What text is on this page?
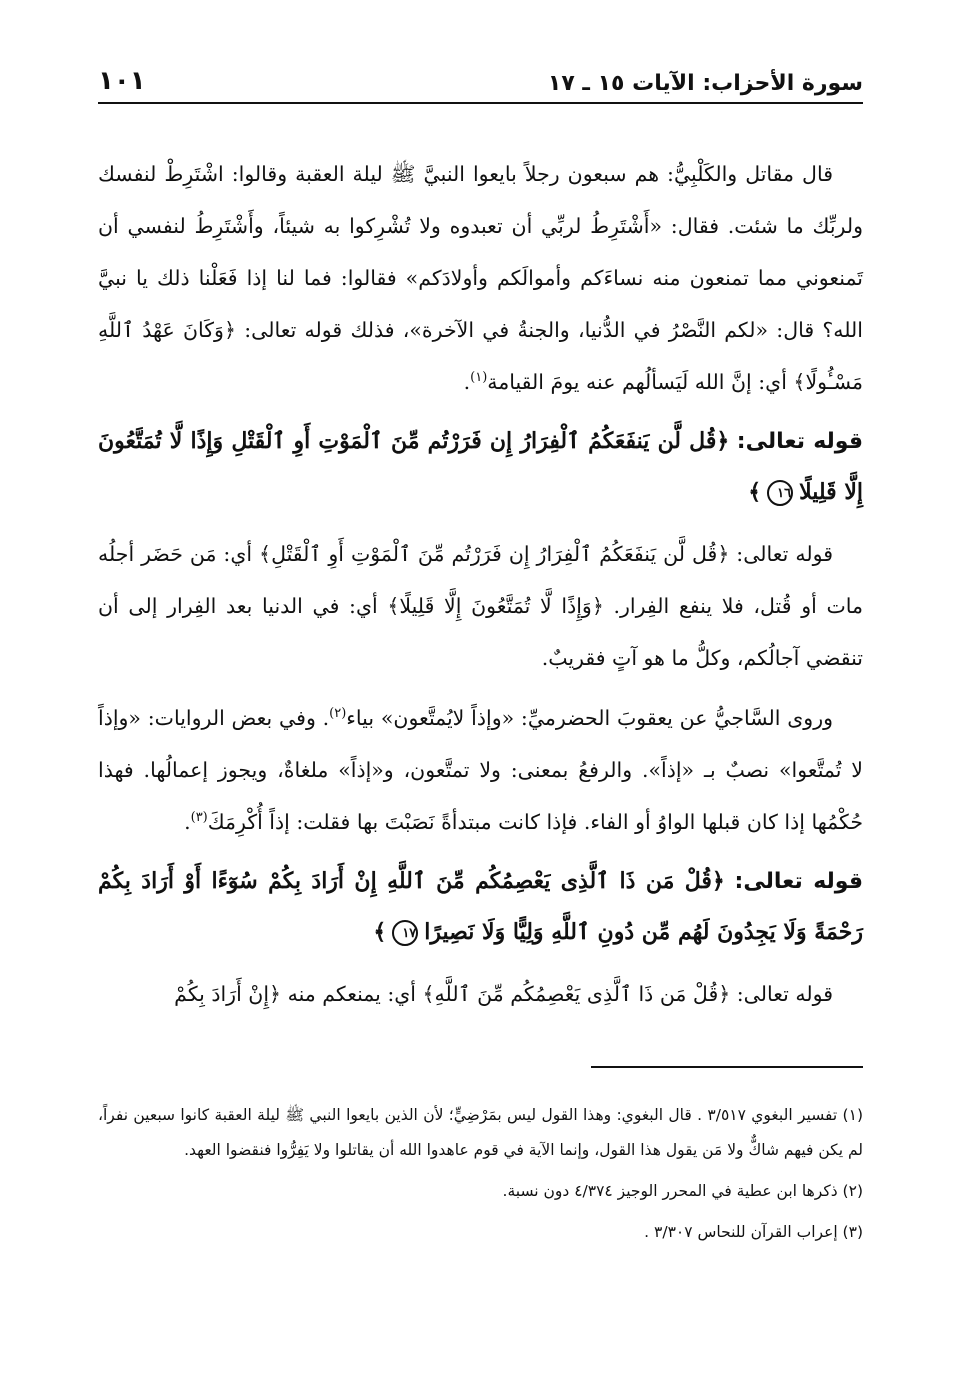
سورة الأحزاب: الآيات ١٥ ـ ١٧
١٠١

قال مقاتل والكَلْبِيُّ: هم سبعون رجلاً بايعوا النبيَّ ﷺ ليلة العقبة وقالوا: اشْتَرِطْ لنفسك ولربِّك ما شئت. فقال: «أَشْتَرِطُ لربِّي أن تعبدوه ولا تُشْرِكوا به شيئاً، وأَشْتَرِطُ لنفسي أن تَمنعوني مما تمنعون منه نساءَكم وأموالَكم وأولادَكم» فقالوا: فما لنا إذا فَعَلْنا ذلك يا نبيَّ الله؟ قال: «لكم النَّصْرُ في الدُّنيا، والجنةُ في الآخرة»، فذلك قوله تعالى: ﴿وَكَانَ عَهْدُ ٱللَّهِ مَسْـُٔولًا﴾ أي: إنَّ الله لَيَسألُهم عنه يومَ القيامة$^{(١)}$.

قوله تعالى: ﴿قُل لَّن يَنفَعَكُمُ ٱلْفِرَارُ إِن فَرَرْتُم مِّنَ ٱلْمَوْتِ أَوِ ٱلْقَتْلِ وَإِذًا لَّا تُمَتَّعُونَ إِلَّا قَلِيلًا١٦﴾

قوله تعالى: ﴿قُل لَّن يَنفَعَكُمُ ٱلْفِرَارُ إِن فَرَرْتُم مِّنَ ٱلْمَوْتِ أَوِ ٱلْقَتْلِ﴾ أي: مَن حَضَر أجلُه مات أو قُتل، فلا ينفع الفِرار. ﴿وَإِذًا لَّا تُمَتَّعُونَ إِلَّا قَلِيلًا﴾ أي: في الدنيا بعد الفِرار إلى أن تنقضي آجالُكم، وكلُّ ما هو آتٍ فقريبٌ.

وروى السَّاجيُّ عن يعقوبَ الحضرميِّ: «وإذاً لايُمتَّعون» بياء$^{(٢)}$. وفي بعض الروايات: «وإذاً لا تُمتَّعوا» نصبٌ بـ «إذاً». والرفعُ بمعنى: ولا تمتَّعون، و«إذاً» ملغاةٌ، ويجوز إعمالُها. فهذا حُكْمُها إذا كان قبلها الواوُ أو الفاء. فإذا كانت مبتدأةً نَصَبْتَ بها فقلت: إذاً أُكْرِمَكَ$^{(٣)}$.

قوله تعالى: ﴿قُلْ مَن ذَا ٱلَّذِى يَعْصِمُكُم مِّنَ ٱللَّهِ إِنْ أَرَادَ بِكُمْ سُوٓءًا أَوْ أَرَادَ بِكُمْ رَحْمَةً وَلَا يَجِدُونَ لَهُم مِّن دُونِ ٱللَّهِ وَلِيًّا وَلَا نَصِيرًا١٧﴾

قوله تعالى: ﴿قُلْ مَن ذَا ٱلَّذِى يَعْصِمُكُم مِّنَ ٱللَّهِ﴾ أي: يمنعكم منه ﴿إِنْ أَرَادَ بِكُمْ

(١) تفسير البغوي ٣/٥١٧ . قال البغوي: وهذا القول ليس بمَرْضِيٍّ؛ لأن الذين بايعوا النبي ﷺ ليلة العقبة كانوا سبعين نفراً، لم يكن فيهم شاكٌّ ولا مَن يقول هذا القول، وإنما الآية في قوم عاهدوا الله أن يقاتلوا ولا يَفِرُّوا فنقضوا العهد.

(٢) ذكرها ابن عطية في المحرر الوجيز ٤/٣٧٤ دون نسبة.

(٣) إعراب القرآن للنحاس ٣/٣٠٧ .
